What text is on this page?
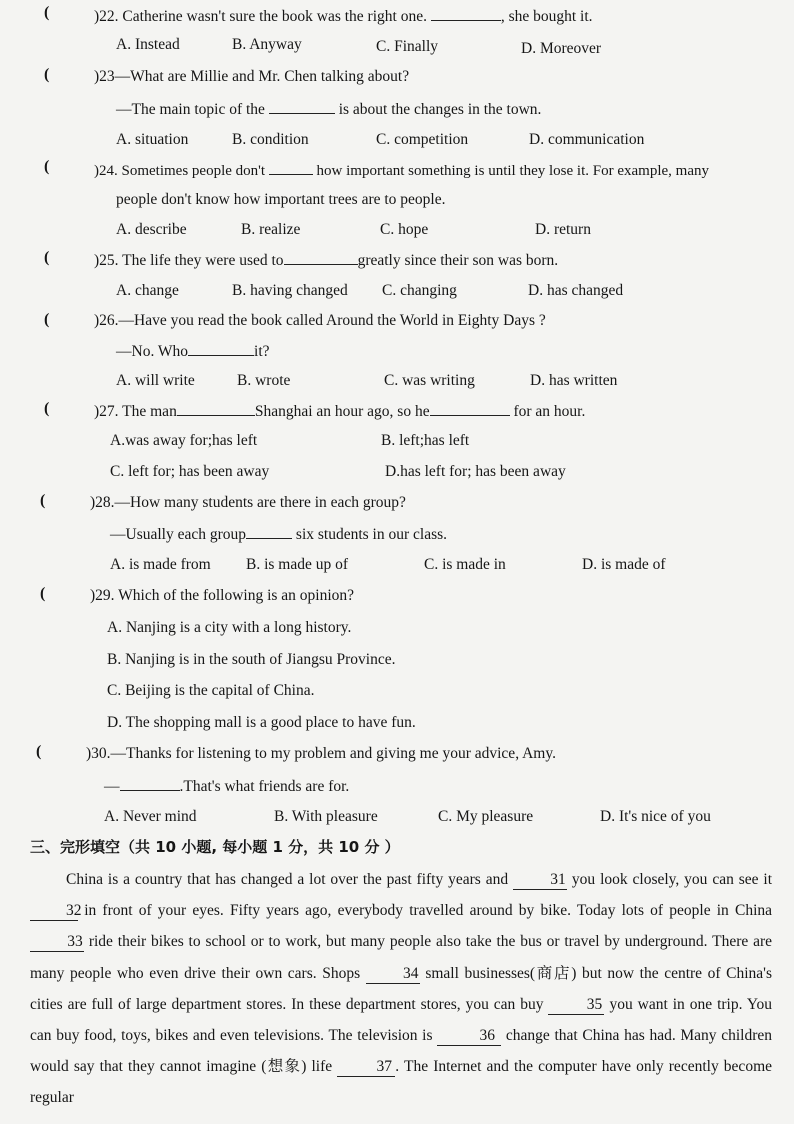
(	)22. Catherine wasn't sure the book was the right one.	, she bought it.
A. Instead	B. Anyway	C. Finally	D. Moreover
(	)23—What are Millie and Mr. Chen talking about?
—The main topic of the	is about the changes in the town.
A. situation	B. condition	C. competition	D. communication
(	)24. Sometimes people don't	how important something is until they lose it. For example, many
people don't know how important trees are to people.
A. describe	B. realize	C. hope	D. return
(	)25. The life they were used to	greatly since their son was born.
A. change	B. having changed C. changing	D. has changed
(	)26.—Have you read the book called Around the World in Eighty Days ?
—No. Who	it?
A. will write	B. wrote	C. was writing	D. has written
(	)27. The man	Shanghai an hour ago, so he	for an hour.
A.was away for;has left	B. left;has left
C. left for; has been away	D.has left for; has been away
(	)28.—How many students are there in each group?
—Usually each group	six students in our class.
A. is made from B. is made up of	C. is made in	D. is made of
(	)29. Which of the following is an opinion?
A. Nanjing is a city with a long history.
B. Nanjing is in the south of Jiangsu Province.
C. Beijing is the capital of China.
D. The shopping mall is a good place to have fun.
(	)30.—Thanks for listening to my problem and giving me your advice, Amy.
—	.That's what friends are for.
A. Never mind	B. With pleasure	C. My pleasure	D. It's nice of you
三、完形填空（共 10 小题, 每小题 1 分，共 10 分 ）
China is a country that has changed a lot over the past fifty years and	31 you look closely, you can see it 32 in front of your eyes. Fifty years ago, everybody travelled around by bike. Today lots of people in China 33 ride their bikes to school or to work, but many people also take the bus or travel by underground. There are many people who even drive their own cars. Shops	34 small businesses(商店) but now the centre of China's cities are full of large department stores. In these department stores, you can buy	35 you want in one trip. You can buy food, toys, bikes and even televisions. The television is	36 change that China has had. Many children would say that they cannot imagine (想象) life	37 . The Internet and the computer have only recently become regular
